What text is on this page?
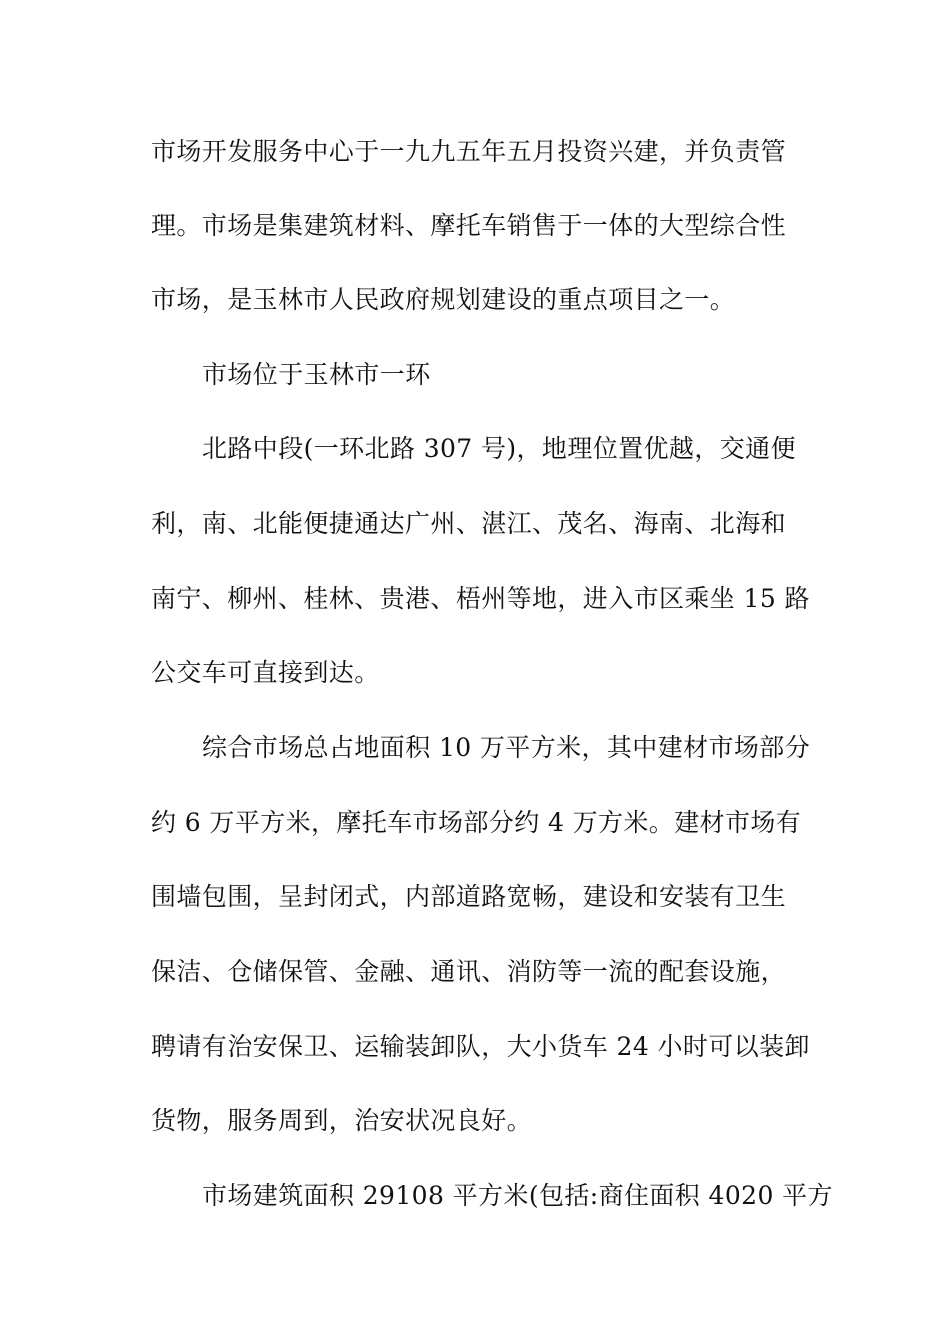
市场开发服务中心于一九九五年五月投资兴建，并负责管
理。市场是集建筑材料、摩托车销售于一体的大型综合性
市场，是玉林市人民政府规划建设的重点项目之一。
市场位于玉林市一环
北路中段(一环北路 307 号)，地理位置优越，交通便
利，南、北能便捷通达广州、湛江、茂名、海南、北海和
南宁、柳州、桂林、贵港、梧州等地，进入市区乘坐 15 路
公交车可直接到达。
综合市场总占地面积 10 万平方米，其中建材市场部分
约 6 万平方米，摩托车市场部分约 4 万方米。建材市场有
围墙包围，呈封闭式，内部道路宽畅，建设和安装有卫生
保洁、仓储保管、金融、通讯、消防等一流的配套设施，
聘请有治安保卫、运输装卸队，大小货车 24 小时可以装卸
货物，服务周到，治安状况良好。
市场建筑面积 29108 平方米(包括:商住面积 4020 平方
